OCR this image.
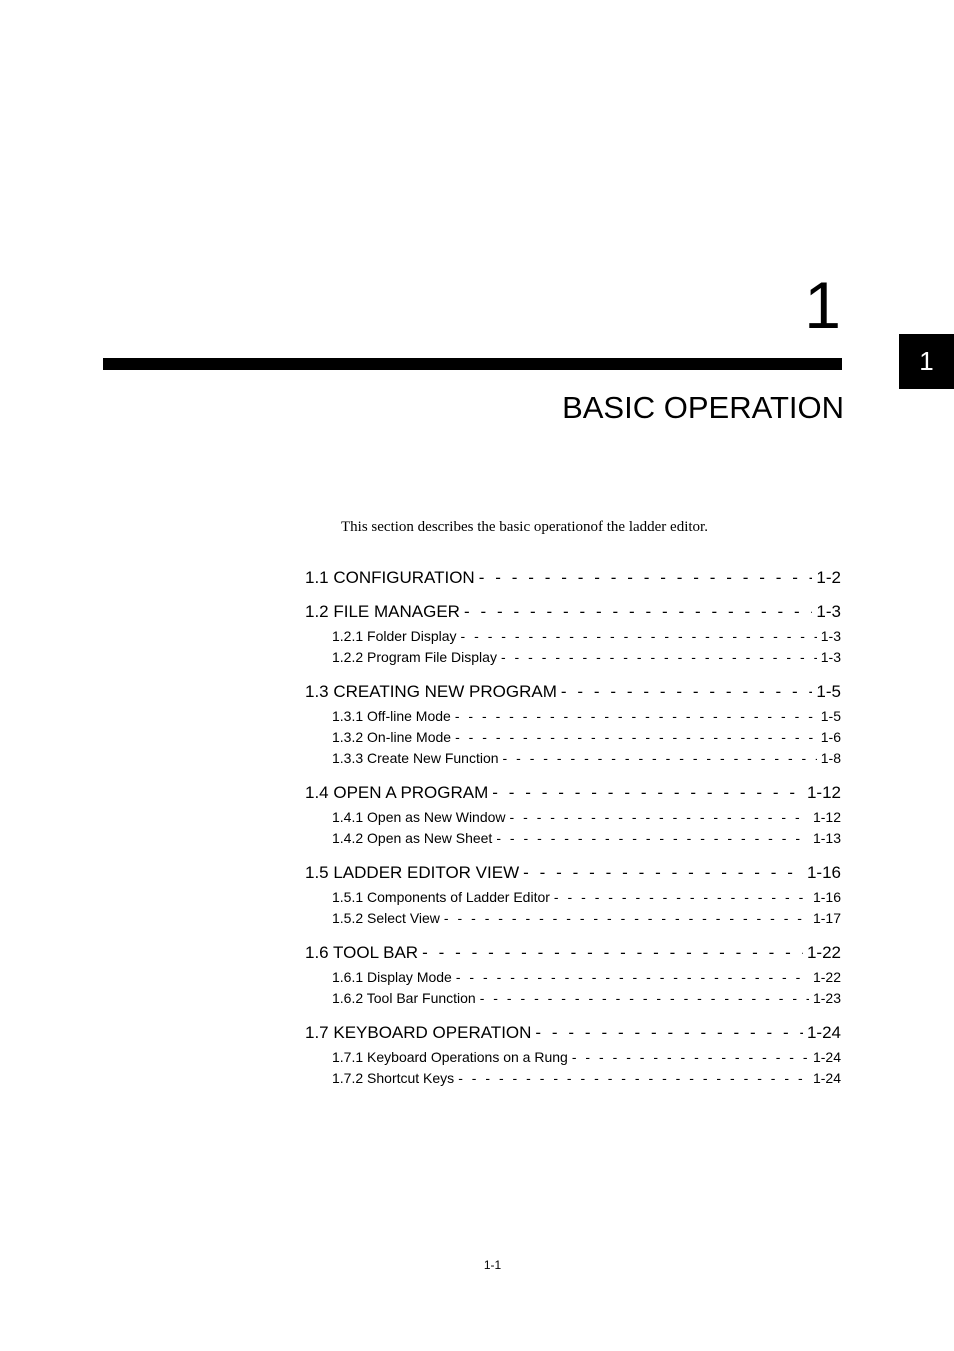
1
BASIC OPERATION
1
This section describes the basic operationof the ladder editor.
1.1 CONFIGURATION - - -	1-2
1.2 FILE MANAGER - - -	1-3
1.2.1 Folder Display - - -	1-3
1.2.2 Program File Display - - -	1-3
1.3 CREATING NEW PROGRAM - - -	1-5
1.3.1 Off-line Mode - - -	1-5
1.3.2 On-line Mode - - -	1-6
1.3.3 Create New Function - - -	1-8
1.4 OPEN A PROGRAM - - -	1-12
1.4.1 Open as New Window - - -	1-12
1.4.2 Open as New Sheet - - -	1-13
1.5 LADDER EDITOR VIEW - - -	1-16
1.5.1 Components of Ladder Editor - - -	1-16
1.5.2 Select View - - -	1-17
1.6 TOOL BAR - - -	1-22
1.6.1 Display Mode - - -	1-22
1.6.2 Tool Bar Function - - -	1-23
1.7 KEYBOARD OPERATION - - -	1-24
1.7.1 Keyboard Operations on a Rung - - -	1-24
1.7.2 Shortcut Keys - - -	1-24
1-1
